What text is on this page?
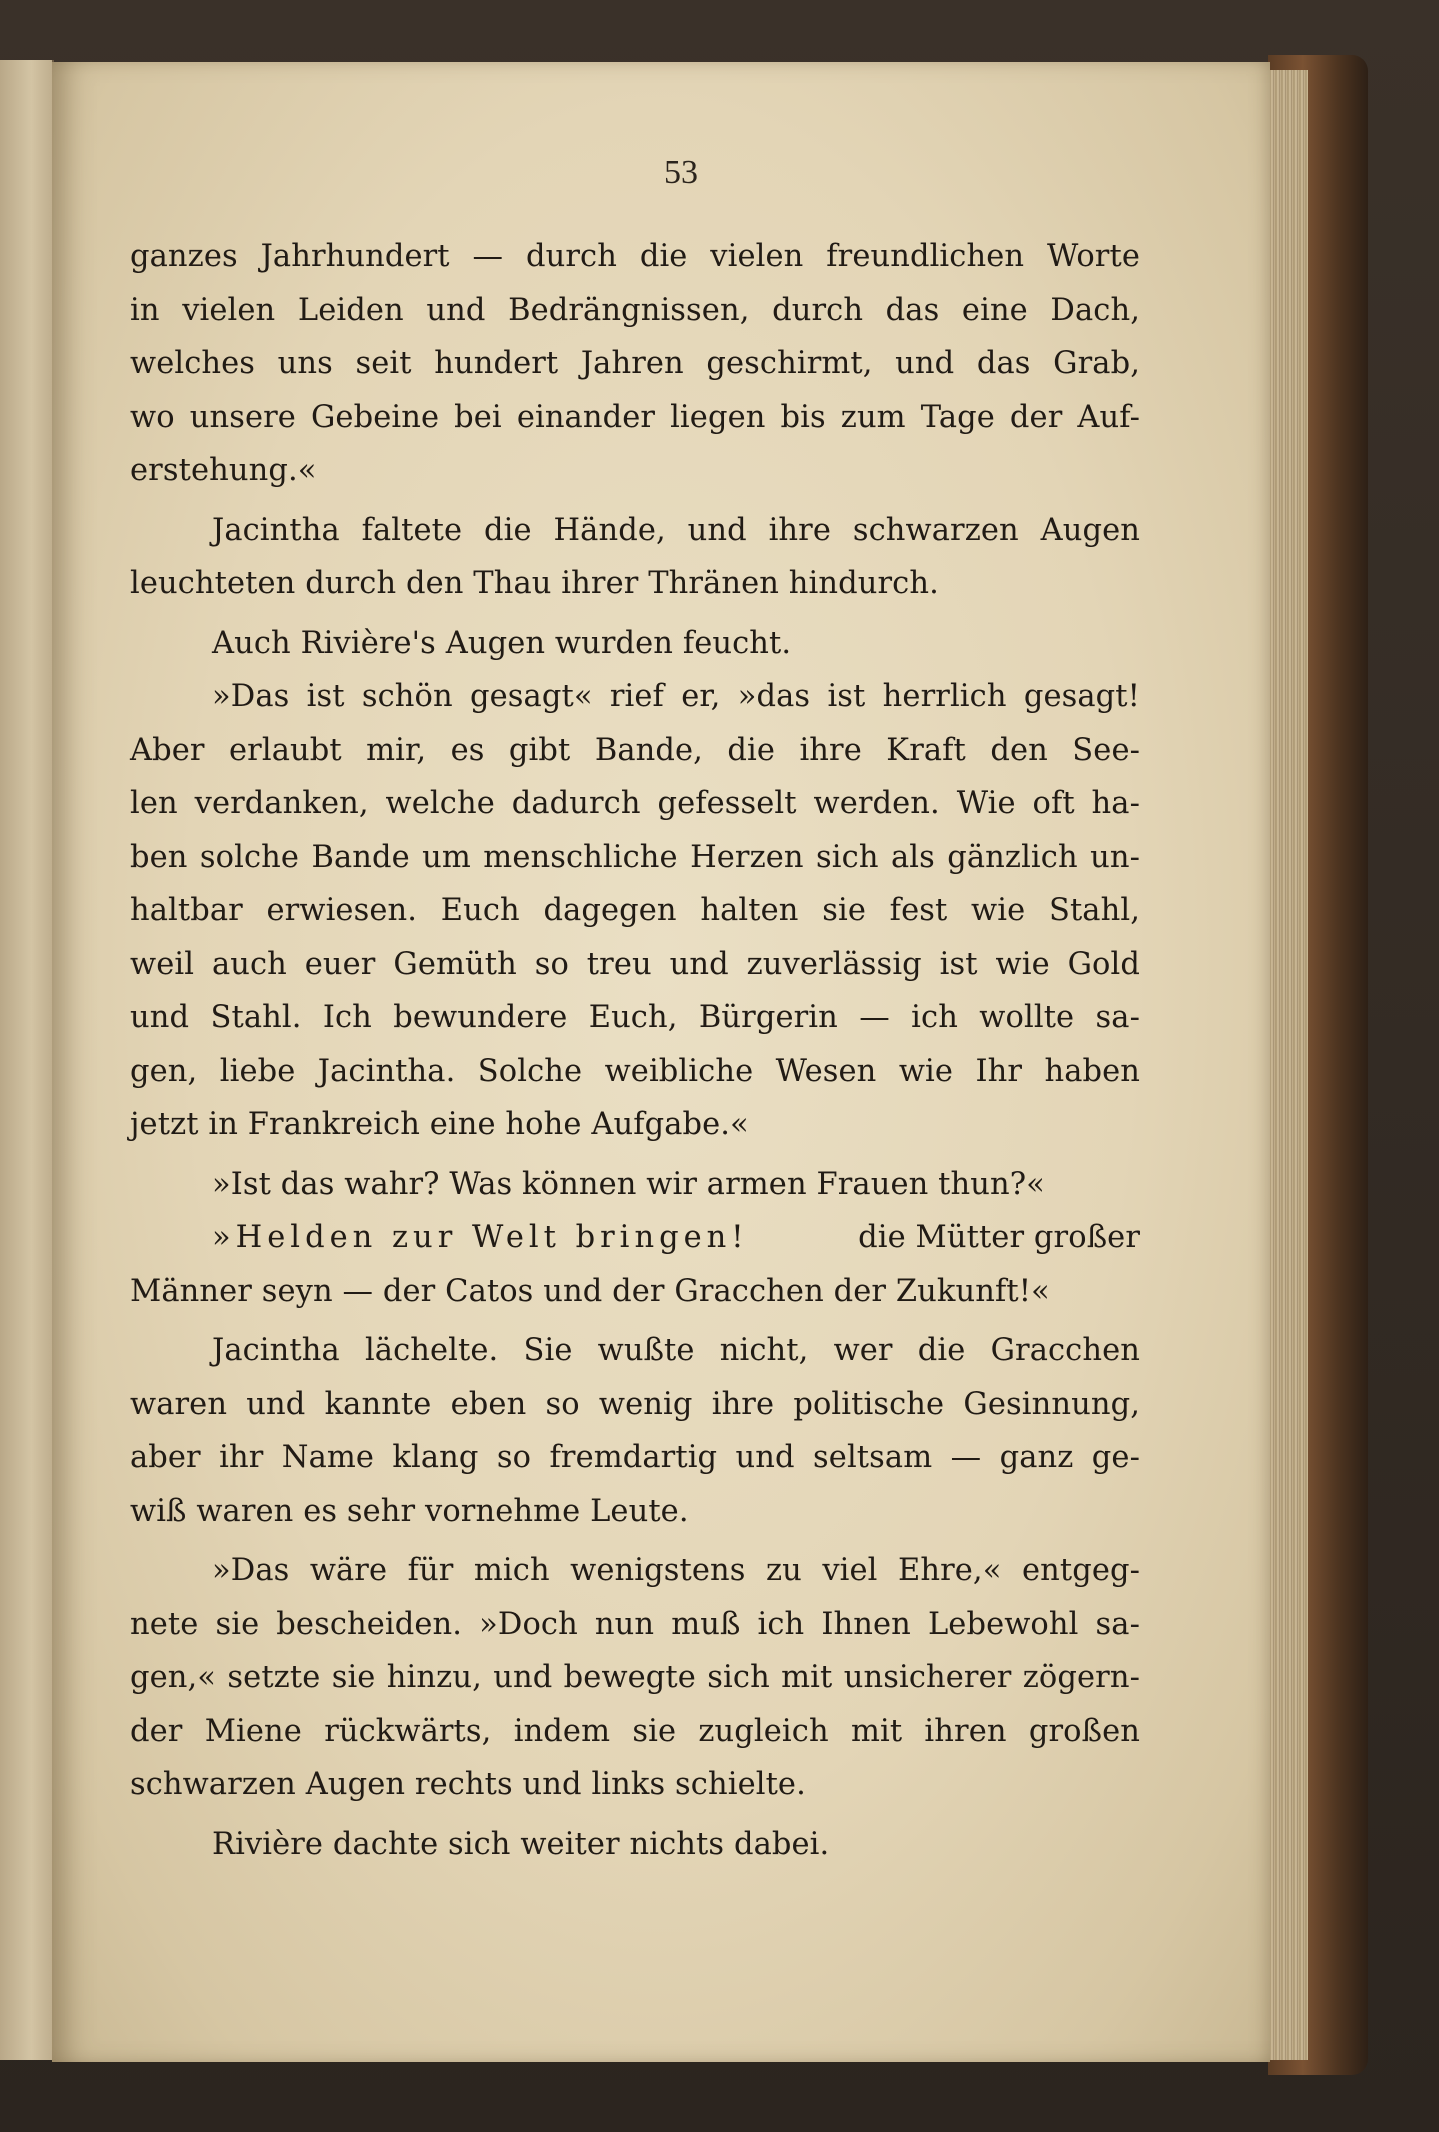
53
ganzes Jahrhundert — durch die vielen freundlichen Worte
in vielen Leiden und Bedrängnissen, durch das eine Dach,
welches uns seit hundert Jahren geschirmt, und das Grab,
wo unsere Gebeine bei einander liegen bis zum Tage der Auf-
erstehung.«
Jacintha faltete die Hände, und ihre schwarzen Augen
leuchteten durch den Thau ihrer Thränen hindurch.
Auch Rivière's Augen wurden feucht.
»Das ist schön gesagt« rief er, »das ist herrlich gesagt!
Aber erlaubt mir, es gibt Bande, die ihre Kraft den See-
len verdanken, welche dadurch gefesselt werden. Wie oft ha-
ben solche Bande um menschliche Herzen sich als gänzlich un-
haltbar erwiesen. Euch dagegen halten sie fest wie Stahl,
weil auch euer Gemüth so treu und zuverlässig ist wie Gold
und Stahl. Ich bewundere Euch, Bürgerin — ich wollte sa-
gen, liebe Jacintha. Solche weibliche Wesen wie Ihr haben
jetzt in Frankreich eine hohe Aufgabe.«
»Ist das wahr? Was können wir armen Frauen thun?«
»Helden zur Welt bringen!	die Mütter großer
Männer seyn — der Catos und der Gracchen der Zukunft!«
Jacintha lächelte. Sie wußte nicht, wer die Gracchen
waren und kannte eben so wenig ihre politische Gesinnung,
aber ihr Name klang so fremdartig und seltsam — ganz ge-
wiß waren es sehr vornehme Leute.
»Das wäre für mich wenigstens zu viel Ehre,« entgeg-
nete sie bescheiden. »Doch nun muß ich Ihnen Lebewohl sa-
gen,« setzte sie hinzu, und bewegte sich mit unsicherer zögern-
der Miene rückwärts, indem sie zugleich mit ihren großen
schwarzen Augen rechts und links schielte.
Rivière dachte sich weiter nichts dabei.
